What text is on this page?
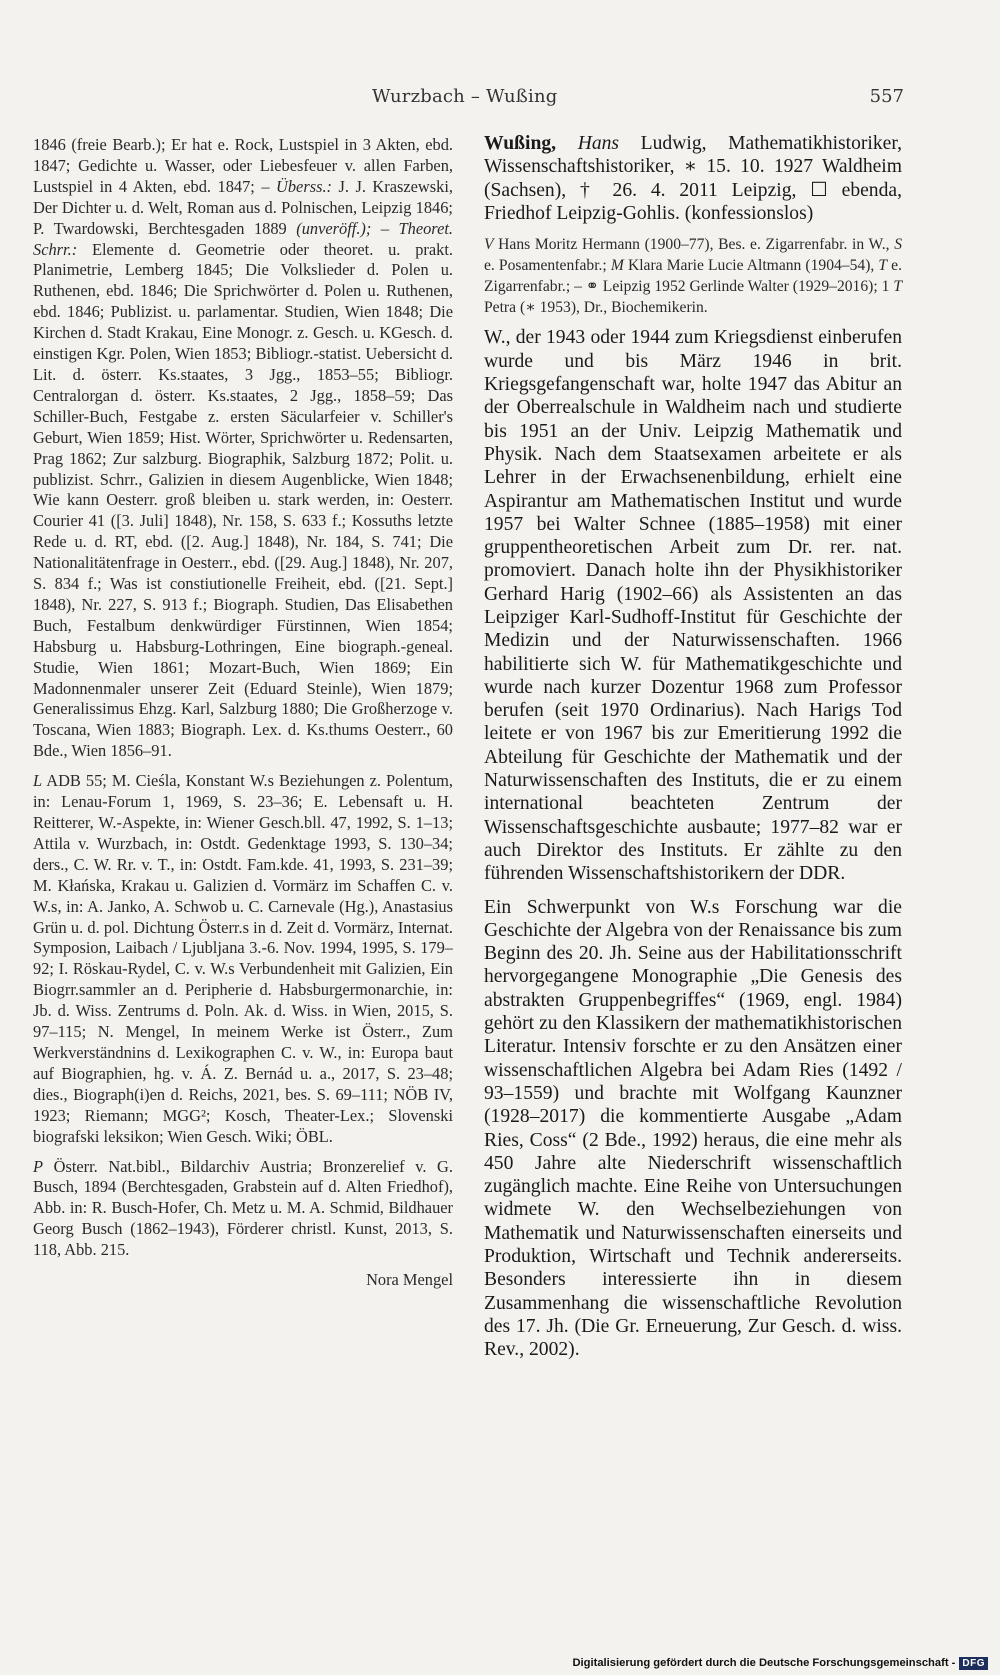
Wurzbach – Wußing	557

1846 (freie Bearb.); Er hat e. Rock, Lustspiel in 3 Akten, ebd. 1847; Gedichte u. Wasser, oder Liebesfeuer v. allen Farben, Lustspiel in 4 Akten, ebd. 1847; – Überss.: J. J. Kraszewski, Der Dichter u. d. Welt, Roman aus d. Polnischen, Leipzig 1846; P. Twardowski, Berchtesgaden 1889 (unveröff.); – Theoret. Schrr.: Elemente d. Geometrie oder theoret. u. prakt. Planimetrie, Lemberg 1845; Die Volkslieder d. Polen u. Ruthenen, ebd. 1846; Die Sprichwörter d. Polen u. Ruthenen, ebd. 1846; Publizist. u. parlamentar. Studien, Wien 1848; Die Kirchen d. Stadt Krakau, Eine Monogr. z. Gesch. u. KGesch. d. einstigen Kgr. Polen, Wien 1853; Bibliogr.-statist. Uebersicht d. Lit. d. österr. Ks.staates, 3 Jgg., 1853–55; Bibliogr. Centralorgan d. österr. Ks.staates, 2 Jgg., 1858–59; Das Schiller-Buch, Festgabe z. ersten Säcularfeier v. Schiller's Geburt, Wien 1859; Hist. Wörter, Sprichwörter u. Redensarten, Prag 1862; Zur salzburg. Biographik, Salzburg 1872; Polit. u. publizist. Schrr., Galizien in diesem Augenblicke, Wien 1848; Wie kann Oesterr. groß bleiben u. stark werden, in: Oesterr. Courier 41 ([3. Juli] 1848), Nr. 158, S. 633 f.; Kossuths letzte Rede u. d. RT, ebd. ([2. Aug.] 1848), Nr. 184, S. 741; Die Nationalitätenfrage in Oesterr., ebd. ([29. Aug.] 1848), Nr. 207, S. 834 f.; Was ist constiutionelle Freiheit, ebd. ([21. Sept.] 1848), Nr. 227, S. 913 f.; Biograph. Studien, Das Elisabethen Buch, Festalbum denkwürdiger Fürstinnen, Wien 1854; Habsburg u. Habsburg-Lothringen, Eine biograph.-geneal. Studie, Wien 1861; Mozart-Buch, Wien 1869; Ein Madonnenmaler unserer Zeit (Eduard Steinle), Wien 1879; Generalissimus Ehzg. Karl, Salzburg 1880; Die Großherzoge v. Toscana, Wien 1883; Biograph. Lex. d. Ks.thums Oesterr., 60 Bde., Wien 1856–91.

L ADB 55; M. Cieśla, Konstant W.s Beziehungen z. Polentum, in: Lenau-Forum 1, 1969, S. 23–36; E. Lebensaft u. H. Reitterer, W.-Aspekte, in: Wiener Gesch.bll. 47, 1992, S. 1–13; Attila v. Wurzbach, in: Ostdt. Gedenktage 1993, S. 130–34; ders., C. W. Rr. v. T., in: Ostdt. Fam.kde. 41, 1993, S. 231–39; M. Kłańska, Krakau u. Galizien d. Vormärz im Schaffen C. v. W.s, in: A. Janko, A. Schwob u. C. Carnevale (Hg.), Anastasius Grün u. d. pol. Dichtung Österr.s in d. Zeit d. Vormärz, Internat. Symposion, Laibach / Ljubljana 3.-6. Nov. 1994, 1995, S. 179–92; I. Röskau-Rydel, C. v. W.s Verbundenheit mit Galizien, Ein Biogrr.sammler an d. Peripherie d. Habsburgermonarchie, in: Jb. d. Wiss. Zentrums d. Poln. Ak. d. Wiss. in Wien, 2015, S. 97–115; N. Mengel, In meinem Werke ist Österr., Zum Werkverständnins d. Lexikographen C. v. W., in: Europa baut auf Biographien, hg. v. Á. Z. Bernád u. a., 2017, S. 23–48; dies., Biograph(i)en d. Reichs, 2021, bes. S. 69–111; NÖB IV, 1923; Riemann; MGG²; Kosch, Theater-Lex.; Slovenski biografski leksikon; Wien Gesch. Wiki; ÖBL.

P Österr. Nat.bibl., Bildarchiv Austria; Bronzerelief v. G. Busch, 1894 (Berchtesgaden, Grabstein auf d. Alten Friedhof), Abb. in: R. Busch-Hofer, Ch. Metz u. M. A. Schmid, Bildhauer Georg Busch (1862–1943), Förderer christl. Kunst, 2013, S. 118, Abb. 215.

Nora Mengel

Wußing, Hans Ludwig, Mathematikhistoriker, Wissenschaftshistoriker, ∗ 15. 10. 1927 Waldheim (Sachsen), † 26. 4. 2011 Leipzig, ☐ ebenda, Friedhof Leipzig-Gohlis. (konfessionslos)

V Hans Moritz Hermann (1900–77), Bes. e. Zigarrenfabr. in W., S e. Posamentenfabr.; M Klara Marie Lucie Altmann (1904–54), T e. Zigarrenfabr.; – ⚭ Leipzig 1952 Gerlinde Walter (1929–2016); 1 T Petra (∗ 1953), Dr., Biochemikerin.

W., der 1943 oder 1944 zum Kriegsdienst einberufen wurde und bis März 1946 in brit. Kriegsgefangenschaft war, holte 1947 das Abitur an der Oberrealschule in Waldheim nach und studierte bis 1951 an der Univ. Leipzig Mathematik und Physik. Nach dem Staatsexamen arbeitete er als Lehrer in der Erwachsenenbildung, erhielt eine Aspirantur am Mathematischen Institut und wurde 1957 bei Walter Schnee (1885–1958) mit einer gruppentheoretischen Arbeit zum Dr. rer. nat. promoviert. Danach holte ihn der Physikhistoriker Gerhard Harig (1902–66) als Assistenten an das Leipziger Karl-Sudhoff-Institut für Geschichte der Medizin und der Naturwissenschaften. 1966 habilitierte sich W. für Mathematikgeschichte und wurde nach kurzer Dozentur 1968 zum Professor berufen (seit 1970 Ordinarius). Nach Harigs Tod leitete er von 1967 bis zur Emeritierung 1992 die Abteilung für Geschichte der Mathematik und der Naturwissenschaften des Instituts, die er zu einem international beachteten Zentrum der Wissenschaftsgeschichte ausbaute; 1977–82 war er auch Direktor des Instituts. Er zählte zu den führenden Wissenschaftshistorikern der DDR.

Ein Schwerpunkt von W.s Forschung war die Geschichte der Algebra von der Renaissance bis zum Beginn des 20. Jh. Seine aus der Habilitationsschrift hervorgegangene Monographie „Die Genesis des abstrakten Gruppenbegriffes“ (1969, engl. 1984) gehört zu den Klassikern der mathematikhistorischen Literatur. Intensiv forschte er zu den Ansätzen einer wissenschaftlichen Algebra bei Adam Ries (1492 / 93–1559) und brachte mit Wolfgang Kaunzner (1928–2017) die kommentierte Ausgabe „Adam Ries, Coss“ (2 Bde., 1992) heraus, die eine mehr als 450 Jahre alte Niederschrift wissenschaftlich zugänglich machte. Eine Reihe von Untersuchungen widmete W. den Wechselbeziehungen von Mathematik und Naturwissenschaften einerseits und Produktion, Wirtschaft und Technik andererseits. Besonders interessierte ihn in diesem Zusammenhang die wissenschaftliche Revolution des 17. Jh. (Die Gr. Erneuerung, Zur Gesch. d. wiss. Rev., 2002).

Digitalisierung gefördert durch die Deutsche Forschungsgemeinschaft - DFG
